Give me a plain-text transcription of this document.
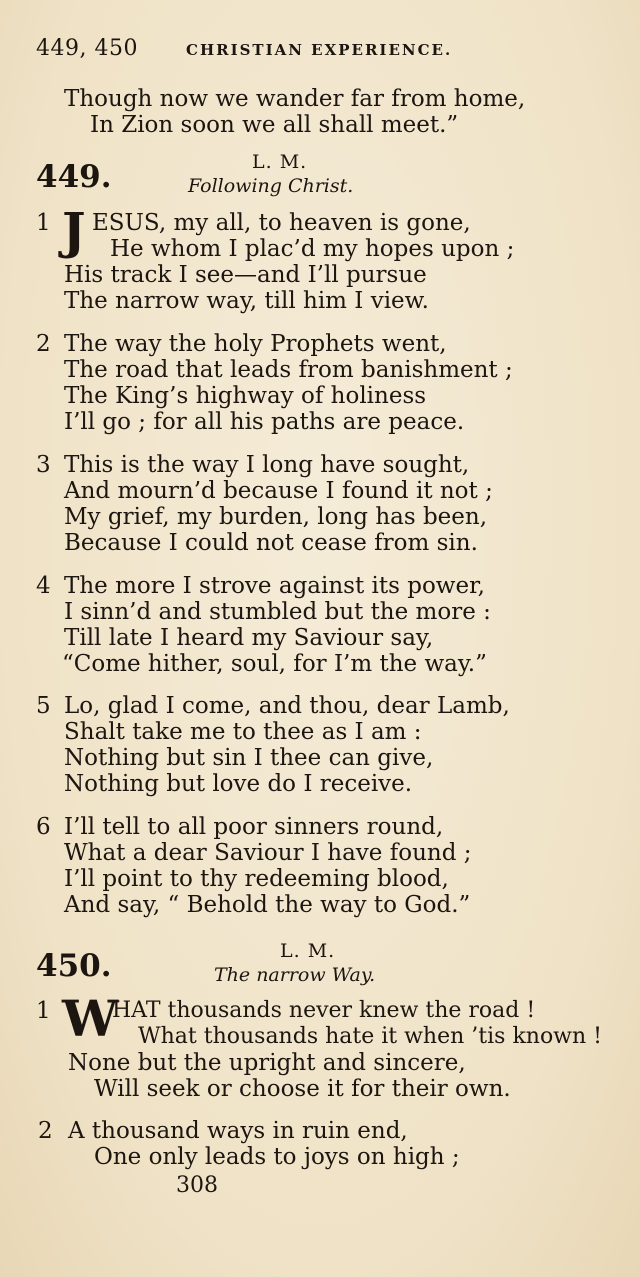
449, 450	CHRISTIAN EXPERIENCE.
Though now we wander far from home,
In Zion soon we all shall meet.”
449.	L. M.
Following Christ.
1 J ESUS, my all, to heaven is gone,
He whom I plac’d my hopes upon ;
His track I see—and I’ll pursue
The narrow way, till him I view.
2 The way the holy Prophets went,
The road that leads from banishment ;
The King’s highway of holiness
I’ll go ; for all his paths are peace.
3 This is the way I long have sought,
And mourn’d because I found it not ;
My grief, my burden, long has been,
Because I could not cease from sin.
4 The more I strove against its power,
I sinn’d and stumbled but the more :
Till late I heard my Saviour say,
“Come hither, soul, for I’m the way.”
5 Lo, glad I come, and thou, dear Lamb,
Shalt take me to thee as I am :
Nothing but sin I thee can give,
Nothing but love do I receive.
6 I’ll tell to all poor sinners round,
What a dear Saviour I have found ;
I’ll point to thy redeeming blood,
And say, “ Behold the way to God.”
450.	L. M.
The narrow Way.
1 W
HAT thousands never knew the road !
What thousands hate it when ’tis known !
None but the upright and sincere,
Will seek or choose it for their own.
2 A thousand ways in ruin end,
One only leads to joys on high ;
308
